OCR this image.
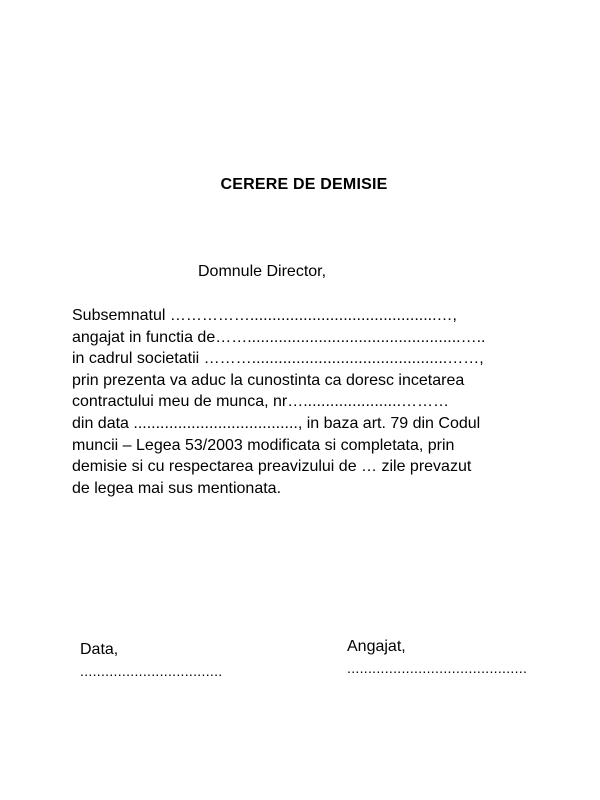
CERERE DE DEMISIE
Domnule Director,
Subsemnatul ……………..........................................…,
angajat in functia de……................................................…..
in cadrul societatii ………............................................……,
prin prezenta va aduc la cunostinta ca doresc incetarea
contractului meu de munca, nr…......................………
din data ....................................., in baza art. 79 din Codul
muncii – Legea 53/2003 modificata si completata, prin
demisie si cu respectarea preavizului de … zile prevazut
de legea mai sus mentionata.
Data,
..................................
Angajat,
...........................................
